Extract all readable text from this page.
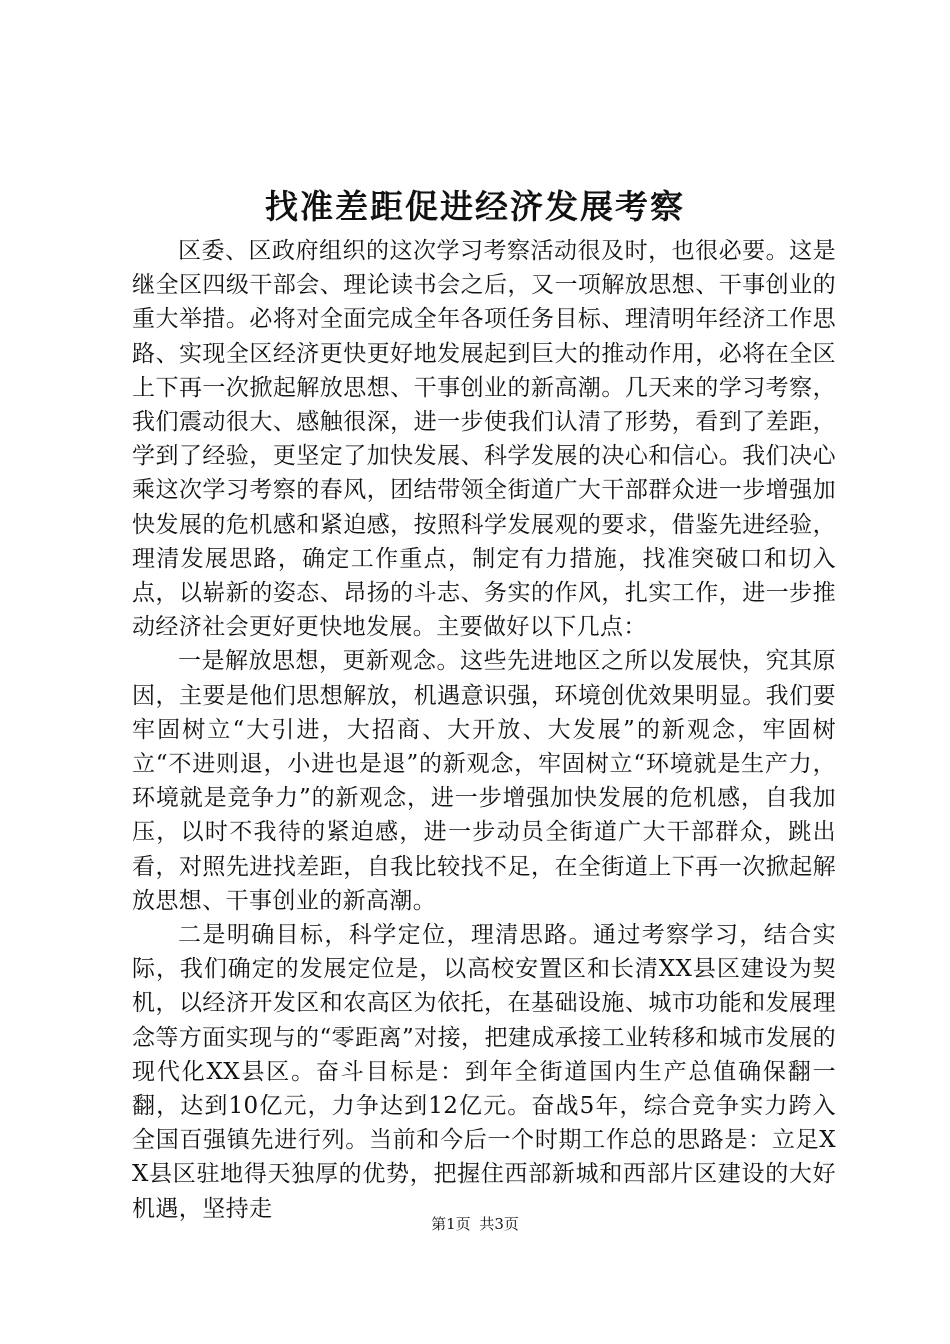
找准差距促进经济发展考察

区委、区政府组织的这次学习考察活动很及时，也很必要。这是继全区四级干部会、理论读书会之后，又一项解放思想、干事创业的重大举措。必将对全面完成全年各项任务目标、理清明年经济工作思路、实现全区经济更快更好地发展起到巨大的推动作用，必将在全区上下再一次掀起解放思想、干事创业的新高潮。几天来的学习考察，我们震动很大、感触很深，进一步使我们认清了形势，看到了差距，学到了经验，更坚定了加快发展、科学发展的决心和信心。我们决心乘这次学习考察的春风，团结带领全街道广大干部群众进一步增强加快发展的危机感和紧迫感，按照科学发展观的要求，借鉴先进经验，理清发展思路，确定工作重点，制定有力措施，找准突破口和切入点，以崭新的姿态、昂扬的斗志、务实的作风，扎实工作，进一步推动经济社会更好更快地发展。主要做好以下几点：

一是解放思想，更新观念。这些先进地区之所以发展快，究其原因，主要是他们思想解放，机遇意识强，环境创优效果明显。我们要牢固树立“大引进，大招商、大开放、大发展”的新观念，牢固树立“不进则退，小进也是退”的新观念，牢固树立“环境就是生产力，环境就是竞争力”的新观念，进一步增强加快发展的危机感，自我加压，以时不我待的紧迫感，进一步动员全街道广大干部群众，跳出看，对照先进找差距，自我比较找不足，在全街道上下再一次掀起解放思想、干事创业的新高潮。

二是明确目标，科学定位，理清思路。通过考察学习，结合实际，我们确定的发展定位是，以高校安置区和长清XX县区建设为契机，以经济开发区和农高区为依托，在基础设施、城市功能和发展理念等方面实现与的“零距离”对接，把建成承接工业转移和城市发展的现代化XX县区。奋斗目标是：到年全街道国内生产总值确保翻一翻，达到10亿元，力争达到12亿元。奋战5年，综合竞争实力跨入全国百强镇先进行列。当前和今后一个时期工作总的思路是：立足XX县区驻地得天独厚的优势，把握住西部新城和西部片区建设的大好机遇，坚持走

第1页 共3页
